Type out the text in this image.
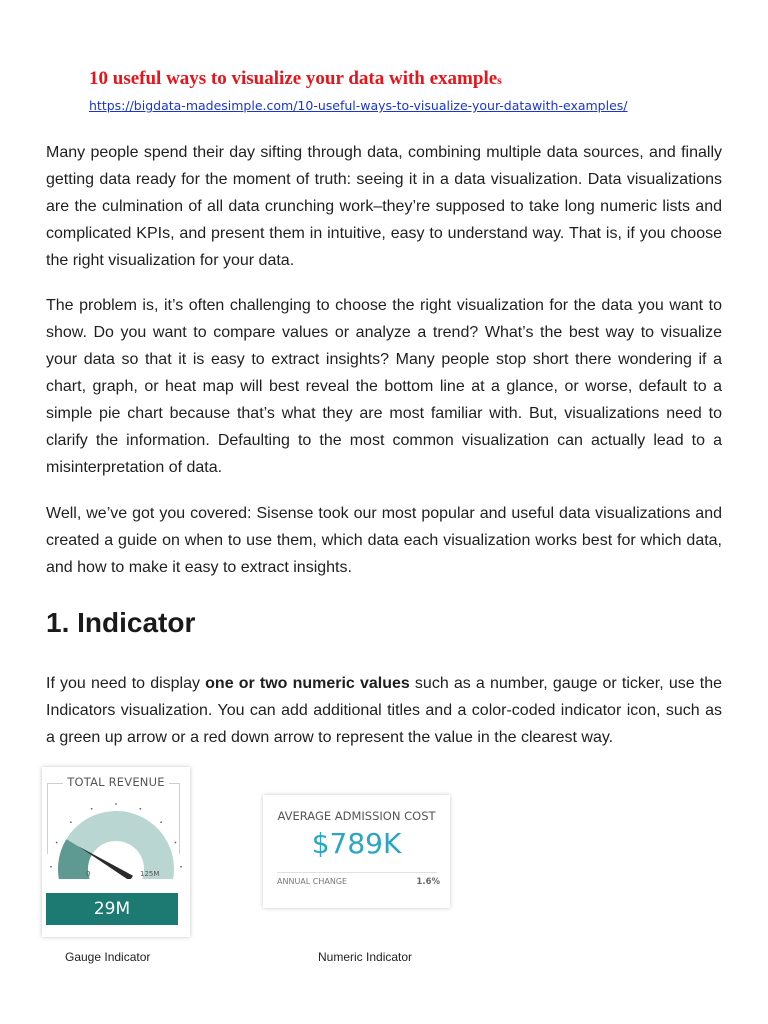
10 useful ways to visualize your data with examples
https://bigdata-madesimple.com/10-useful-ways-to-visualize-your-datawith-examples/

Many people spend their day sifting through data, combining multiple data sources, and finally getting data ready for the moment of truth: seeing it in a data visualization. Data visualizations are the culmination of all data crunching work–they’re supposed to take long numeric lists and complicated KPIs, and present them in intuitive, easy to understand way. That is, if you choose the right visualization for your data.

The problem is, it’s often challenging to choose the right visualization for the data you want to show. Do you want to compare values or analyze a trend? What’s the best way to visualize your data so that it is easy to extract insights? Many people stop short there wondering if a chart, graph, or heat map will best reveal the bottom line at a glance, or worse, default to a simple pie chart because that’s what they are most familiar with. But, visualizations need to clarify the information. Defaulting to the most common visualization can actually lead to a misinterpretation of data.

Well, we’ve got you covered: Sisense took our most popular and useful data visualizations and created a guide on when to use them, which data each visualization works best for which data, and how to make it easy to extract insights.

1. Indicator

If you need to display one or two numeric values such as a number, gauge or ticker, use the Indicators visualization. You can add additional titles and a color-coded indicator icon, such as a green up arrow or a red down arrow to represent the value in the clearest way.

TOTAL REVENUE
0	125M
29M
AVERAGE ADMISSION COST
$789K
ANNUAL CHANGE	1.6%
Gauge Indicator	Numeric Indicator
